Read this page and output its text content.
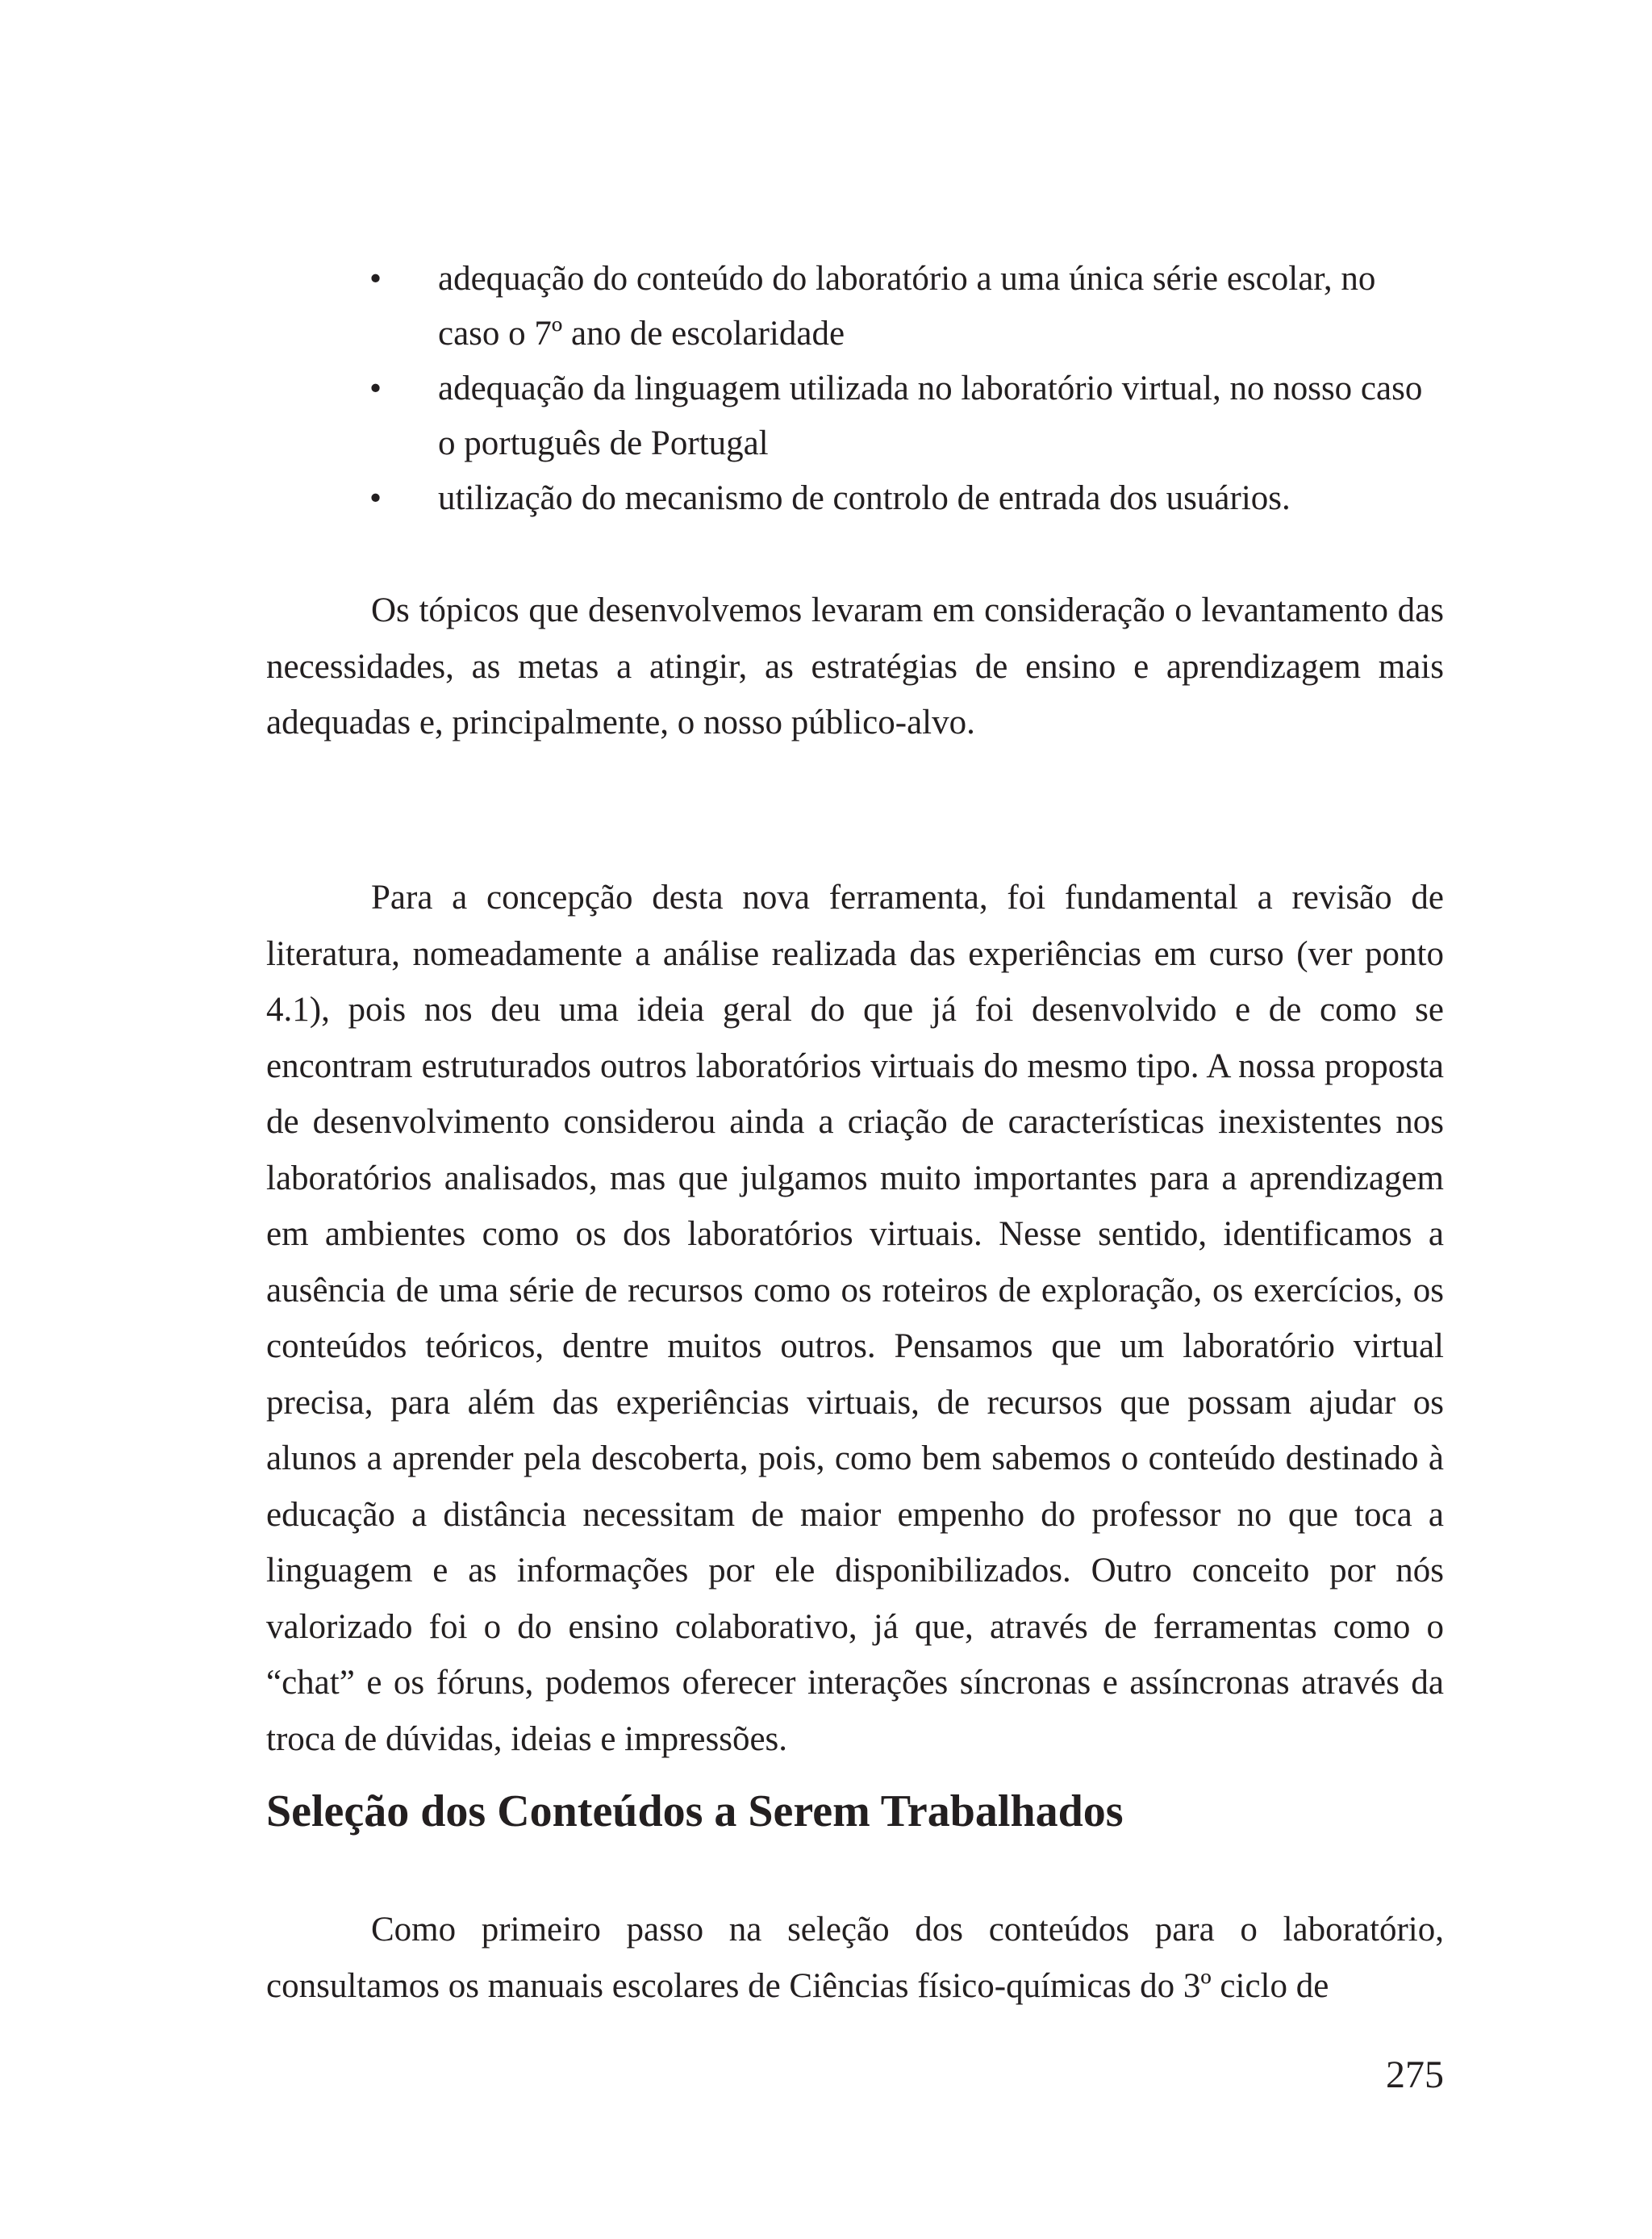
• adequação do conteúdo do laboratório a uma única série escolar, no caso o 7º ano de escolaridade
• adequação da linguagem utilizada no laboratório virtual, no nosso caso o português de Portugal
• utilização do mecanismo de controlo de entrada dos usuários.

Os tópicos que desenvolvemos levaram em consideração o levantamento das necessidades, as metas a atingir, as estratégias de ensino e aprendizagem mais adequadas e, principalmente, o nosso público-alvo.

Para a concepção desta nova ferramenta, foi fundamental a revisão de literatura, nomeadamente a análise realizada das experiências em curso (ver ponto 4.1), pois nos deu uma ideia geral do que já foi desenvolvido e de como se encontram estruturados outros laboratórios virtuais do mesmo tipo. A nossa proposta de desenvolvimento considerou ainda a criação de características inexistentes nos laboratórios analisados, mas que julgamos muito importantes para a aprendizagem em ambientes como os dos laboratórios virtuais. Nesse sentido, identificamos a ausência de uma série de recursos como os roteiros de exploração, os exercícios, os conteúdos teóricos, dentre muitos outros. Pensamos que um laboratório virtual precisa, para além das experiências virtuais, de recursos que possam ajudar os alunos a aprender pela descoberta, pois, como bem sabemos o conteúdo destinado à educação a distância necessitam de maior empenho do professor no que toca a linguagem e as informações por ele disponibilizados. Outro conceito por nós valorizado foi o do ensino colaborativo, já que, através de ferramentas como o “chat” e os fóruns, podemos oferecer interações síncronas e assíncronas através da troca de dúvidas, ideias e impressões.

Seleção dos Conteúdos a Serem Trabalhados

Como primeiro passo na seleção dos conteúdos para o laboratório, consultamos os manuais escolares de Ciências físico-químicas do 3º ciclo de

275
